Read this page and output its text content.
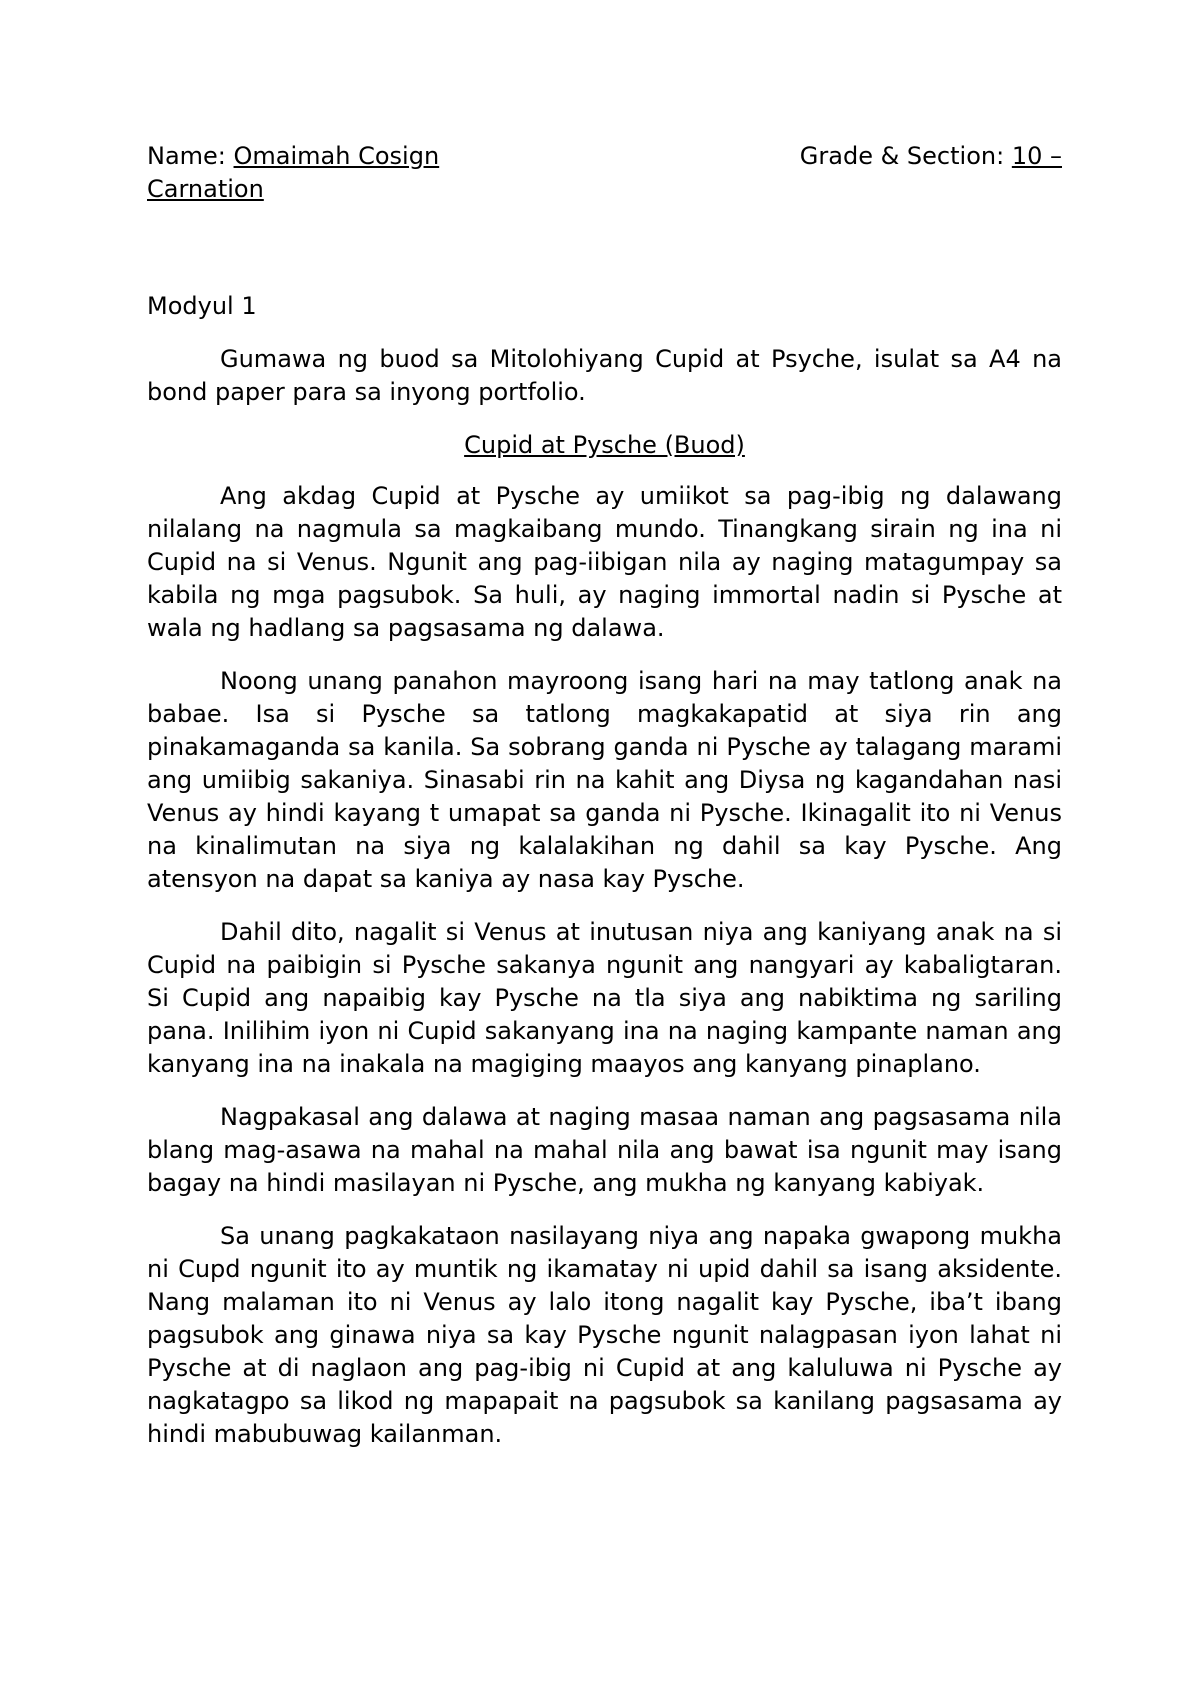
Name: Omaimah Cosign	Grade & Section: 10 –

Carnation

Modyul 1

Gumawa ng buod sa Mitolohiyang Cupid at Psyche, isulat sa A4 na bond paper para sa inyong portfolio.

Cupid at Pysche (Buod)

Ang akdag Cupid at Pysche ay umiikot sa pag-ibig ng dalawang nilalang na nagmula sa magkaibang mundo. Tinangkang sirain ng ina ni Cupid na si Venus. Ngunit ang pag-iibigan nila ay naging matagumpay sa kabila ng mga pagsubok. Sa huli, ay naging immortal nadin si Pysche at wala ng hadlang sa pagsasama ng dalawa.

Noong unang panahon mayroong isang hari na may tatlong anak na babae. Isa si Pysche sa tatlong magkakapatid at siya rin ang pinakamaganda sa kanila. Sa sobrang ganda ni Pysche ay talagang marami ang umiibig sakaniya. Sinasabi rin na kahit ang Diysa ng kagandahan nasi Venus ay hindi kayang t umapat sa ganda ni Pysche. Ikinagalit ito ni Venus na kinalimutan na siya ng kalalakihan ng dahil sa kay Pysche. Ang atensyon na dapat sa kaniya ay nasa kay Pysche.

Dahil dito, nagalit si Venus at inutusan niya ang kaniyang anak na si Cupid na paibigin si Pysche sakanya ngunit ang nangyari ay kabaligtaran. Si Cupid ang napaibig kay Pysche na tla siya ang nabiktima ng sariling pana. Inilihim iyon ni Cupid sakanyang ina na naging kampante naman ang kanyang ina na inakala na magiging maayos ang kanyang pinaplano.

Nagpakasal ang dalawa at naging masaa naman ang pagsasama nila blang mag-asawa na mahal na mahal nila ang bawat isa ngunit may isang bagay na hindi masilayan ni Pysche, ang mukha ng kanyang kabiyak.

Sa unang pagkakataon nasilayang niya ang napaka gwapong mukha ni Cupd ngunit ito ay muntik ng ikamatay ni upid dahil sa isang aksidente. Nang malaman ito ni Venus ay lalo itong nagalit kay Pysche, iba’t ibang pagsubok ang ginawa niya sa kay Pysche ngunit nalagpasan iyon lahat ni Pysche at di naglaon ang pag-ibig ni Cupid at ang kaluluwa ni Pysche ay nagkatagpo sa likod ng mapapait na pagsubok sa kanilang pagsasama ay hindi mabubuwag kailanman.
